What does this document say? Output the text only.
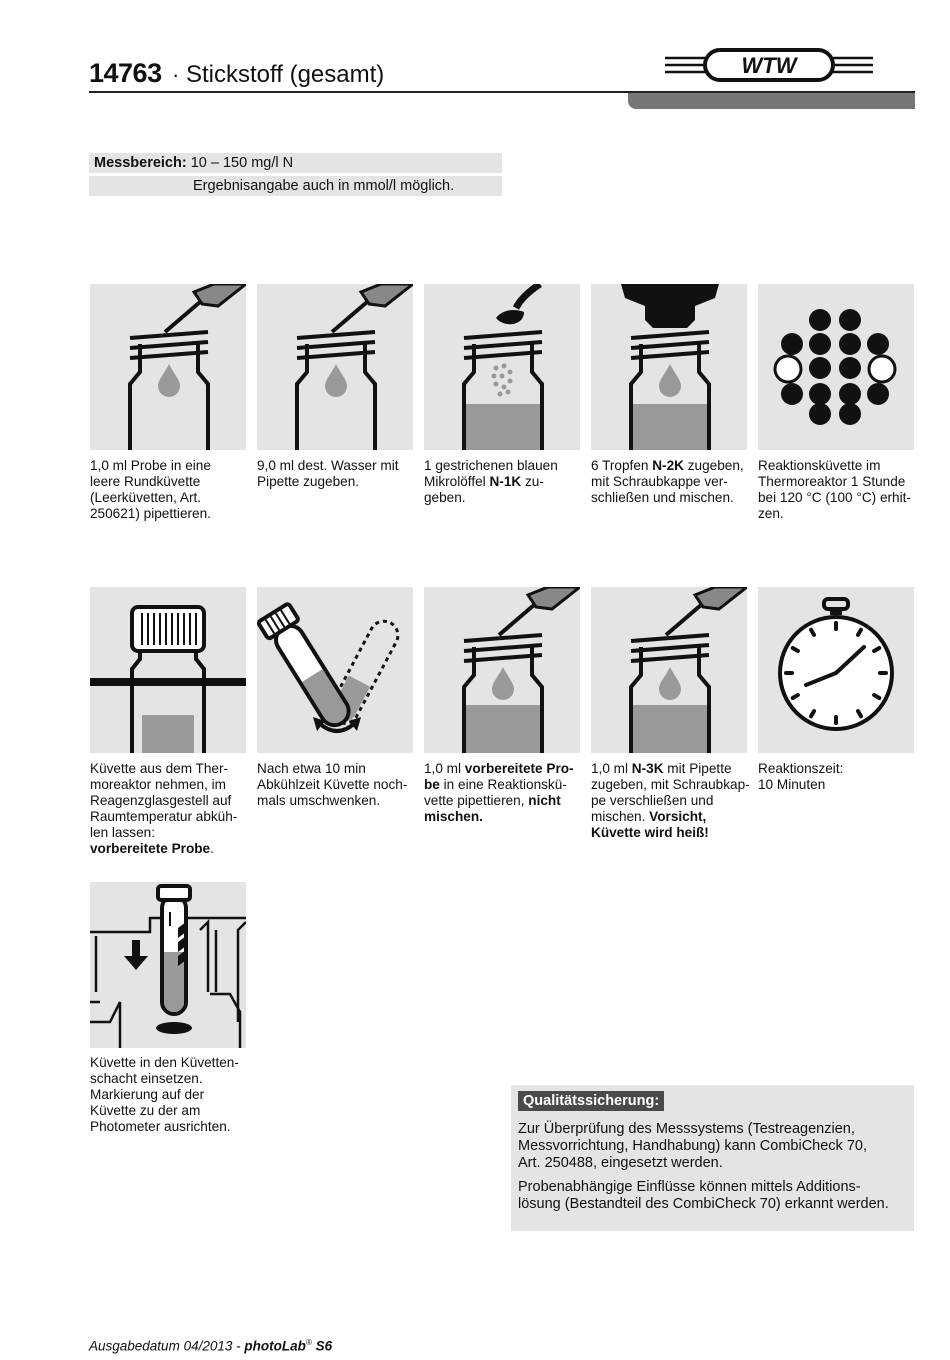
14763 · Stickstoff (gesamt)	WTW
Messbereich: 10 – 150 mg/l N
Ergebnisangabe auch in mmol/l möglich.
1,0 ml Probe in eine
leere Rundküvette
(Leerküvetten, Art.
250621) pipettieren.
9,0 ml dest. Wasser mit
Pipette zugeben.
1 gestrichenen blauen
Mikrolöffel N-1K zu-
geben.
6 Tropfen N-2K zugeben,
mit Schraubkappe ver-
schließen und mischen.
Reaktionsküvette im
Thermoreaktor 1 Stunde
bei 120 °C (100 °C) erhit-
zen.
Küvette aus dem Ther-
moreaktor nehmen, im
Reagenzglasgestell auf
Raumtemperatur abküh-
len lassen:
vorbereitete Probe.
Nach etwa 10 min
Abkühlzeit Küvette noch-
mals umschwenken.
1,0 ml vorbereitete Pro-
be in eine Reaktionskü-
vette pipettieren, nicht
mischen.
1,0 ml N-3K mit Pipette
zugeben, mit Schraubkap-
pe verschließen und
mischen. Vorsicht,
Küvette wird heiß!
Reaktionszeit:
10 Minuten
Küvette in den Küvetten-
schacht einsetzen.
Markierung auf der
Küvette zu der am
Photometer ausrichten.
Qualitätssicherung:
Zur Überprüfung des Messsystems (Testreagenzien,
Messvorrichtung, Handhabung) kann CombiCheck 70,
Art. 250488, eingesetzt werden.
Probenabhängige Einflüsse können mittels Additions-
lösung (Bestandteil des CombiCheck 70) erkannt werden.
Ausgabedatum 04/2013 - photoLab® S6
